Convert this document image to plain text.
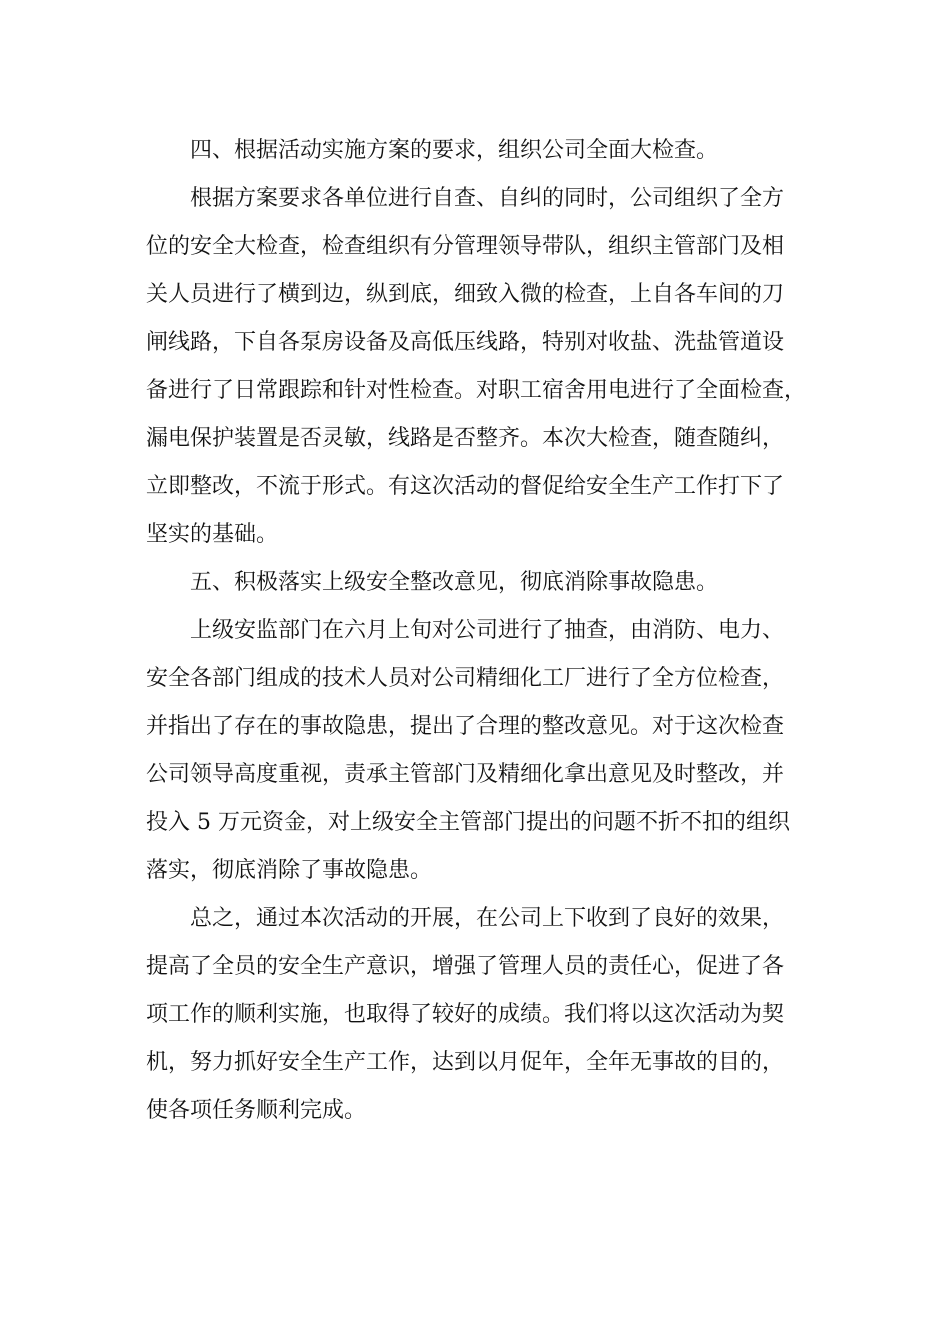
四、根据活动实施方案的要求，组织公司全面大检查。
根据方案要求各单位进行自查、自纠的同时，公司组织了全方
位的安全大检查，检查组织有分管理领导带队，组织主管部门及相
关人员进行了横到边，纵到底，细致入微的检查，上自各车间的刀
闸线路，下自各泵房设备及高低压线路，特别对收盐、洗盐管道设
备进行了日常跟踪和针对性检查。对职工宿舍用电进行了全面检查，
漏电保护装置是否灵敏，线路是否整齐。本次大检查，随查随纠，
立即整改，不流于形式。有这次活动的督促给安全生产工作打下了
坚实的基础。
五、积极落实上级安全整改意见，彻底消除事故隐患。
上级安监部门在六月上旬对公司进行了抽查，由消防、电力、
安全各部门组成的技术人员对公司精细化工厂进行了全方位检查，
并指出了存在的事故隐患，提出了合理的整改意见。对于这次检查
公司领导高度重视，责承主管部门及精细化拿出意见及时整改，并
投入 5 万元资金，对上级安全主管部门提出的问题不折不扣的组织
落实，彻底消除了事故隐患。
总之，通过本次活动的开展，在公司上下收到了良好的效果，
提高了全员的安全生产意识，增强了管理人员的责任心，促进了各
项工作的顺利实施，也取得了较好的成绩。我们将以这次活动为契
机，努力抓好安全生产工作，达到以月促年，全年无事故的目的，
使各项任务顺利完成。
